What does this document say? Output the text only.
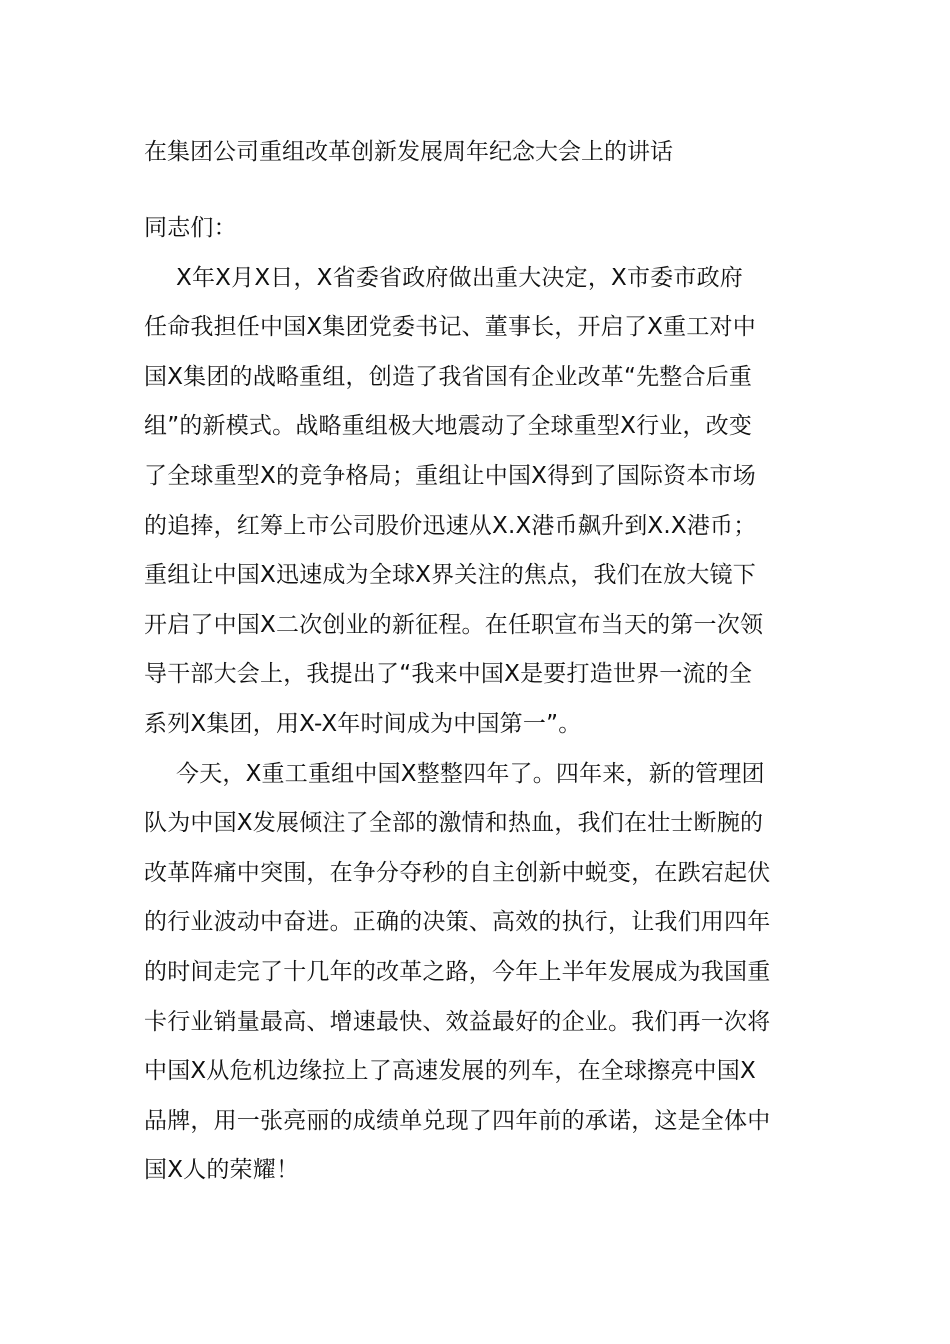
在集团公司重组改革创新发展周年纪念大会上的讲话
同志们：
X年X月X日，X省委省政府做出重大决定，X市委市政府
任命我担任中国X集团党委书记、董事长，开启了X重工对中
国X集团的战略重组，创造了我省国有企业改革“先整合后重
组”的新模式。战略重组极大地震动了全球重型X行业，改变
了全球重型X的竞争格局；重组让中国X得到了国际资本市场
的追捧，红筹上市公司股价迅速从X.X港币飙升到X.X港币；
重组让中国X迅速成为全球X界关注的焦点，我们在放大镜下
开启了中国X二次创业的新征程。在任职宣布当天的第一次领
导干部大会上，我提出了“我来中国X是要打造世界一流的全
系列X集团，用X-X年时间成为中国第一”。
今天，X重工重组中国X整整四年了。四年来，新的管理团
队为中国X发展倾注了全部的激情和热血，我们在壮士断腕的
改革阵痛中突围，在争分夺秒的自主创新中蜕变，在跌宕起伏
的行业波动中奋进。正确的决策、高效的执行，让我们用四年
的时间走完了十几年的改革之路，今年上半年发展成为我国重
卡行业销量最高、增速最快、效益最好的企业。我们再一次将
中国X从危机边缘拉上了高速发展的列车，在全球擦亮中国X
品牌，用一张亮丽的成绩单兑现了四年前的承诺，这是全体中
国X人的荣耀！
